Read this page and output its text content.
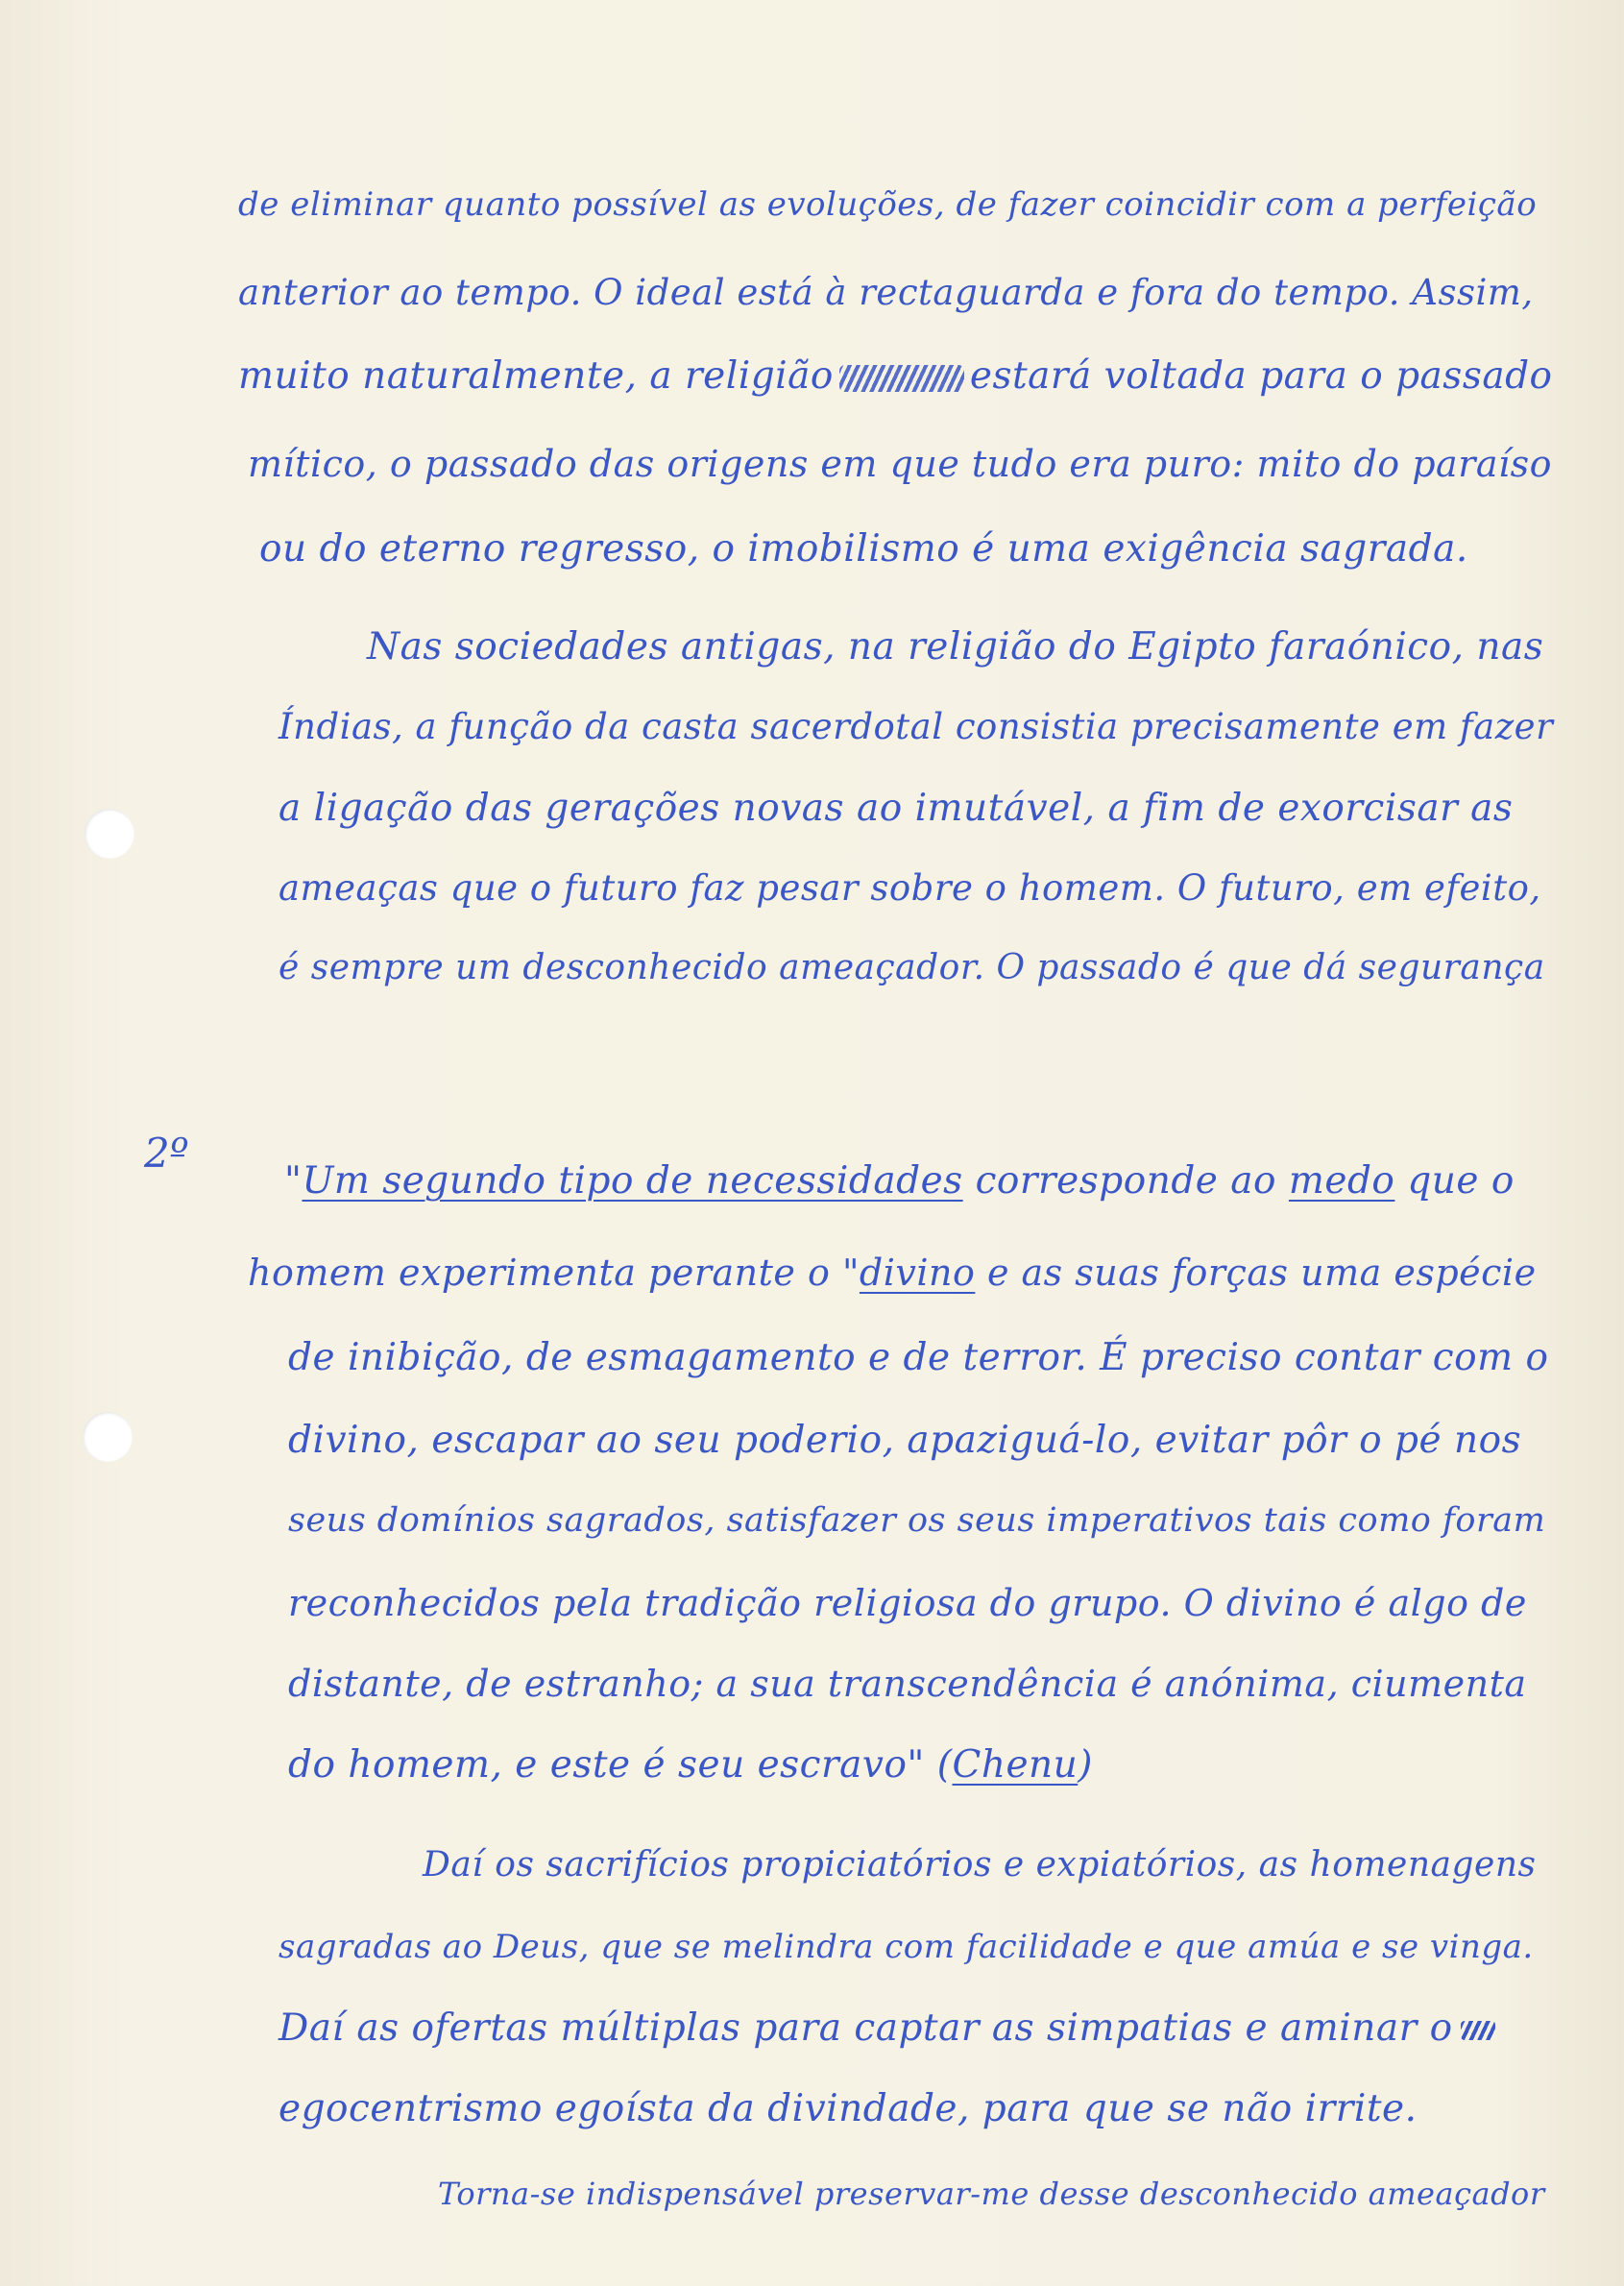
de eliminar quanto possível as evoluções, de fazer coincidir com a perfeição
anterior ao tempo. O ideal está à rectaguarda e fora do tempo. Assim,
muito naturalmente, a religião	estará voltada para o passado
mítico, o passado das origens em que tudo era puro: mito do paraíso
ou do eterno regresso, o imobilismo é uma exigência sagrada.
Nas sociedades antigas, na religião do Egipto faraónico, nas
Índias, a função da casta sacerdotal consistia precisamente em fazer
a ligação das gerações novas ao imutável, a fim de exorcisar as
ameaças que o futuro faz pesar sobre o homem. O futuro, em efeito,
é sempre um desconhecido ameaçador. O passado é que dá segurança
2º
"Um segundo tipo de necessidades corresponde ao medo que o
homem experimenta perante o "divino e as suas forças uma espécie
de inibição, de esmagamento e de terror. É preciso contar com o
divino, escapar ao seu poderio, apaziguá-lo, evitar pôr o pé nos
seus domínios sagrados, satisfazer os seus imperativos tais como foram
reconhecidos pela tradição religiosa do grupo. O divino é algo de
distante, de estranho; a sua transcendência é anónima, ciumenta
do homem, e este é seu escravo" (Chenu)
Daí os sacrifícios propiciatórios e expiatórios, as homenagens
sagradas ao Deus, que se melindra com facilidade e que amúa e se vinga.
Daí as ofertas múltiplas para captar as simpatias e aminar o
egocentrismo egoísta da divindade, para que se não irrite.
Torna-se indispensável preservar-me desse desconhecido ameaçador
